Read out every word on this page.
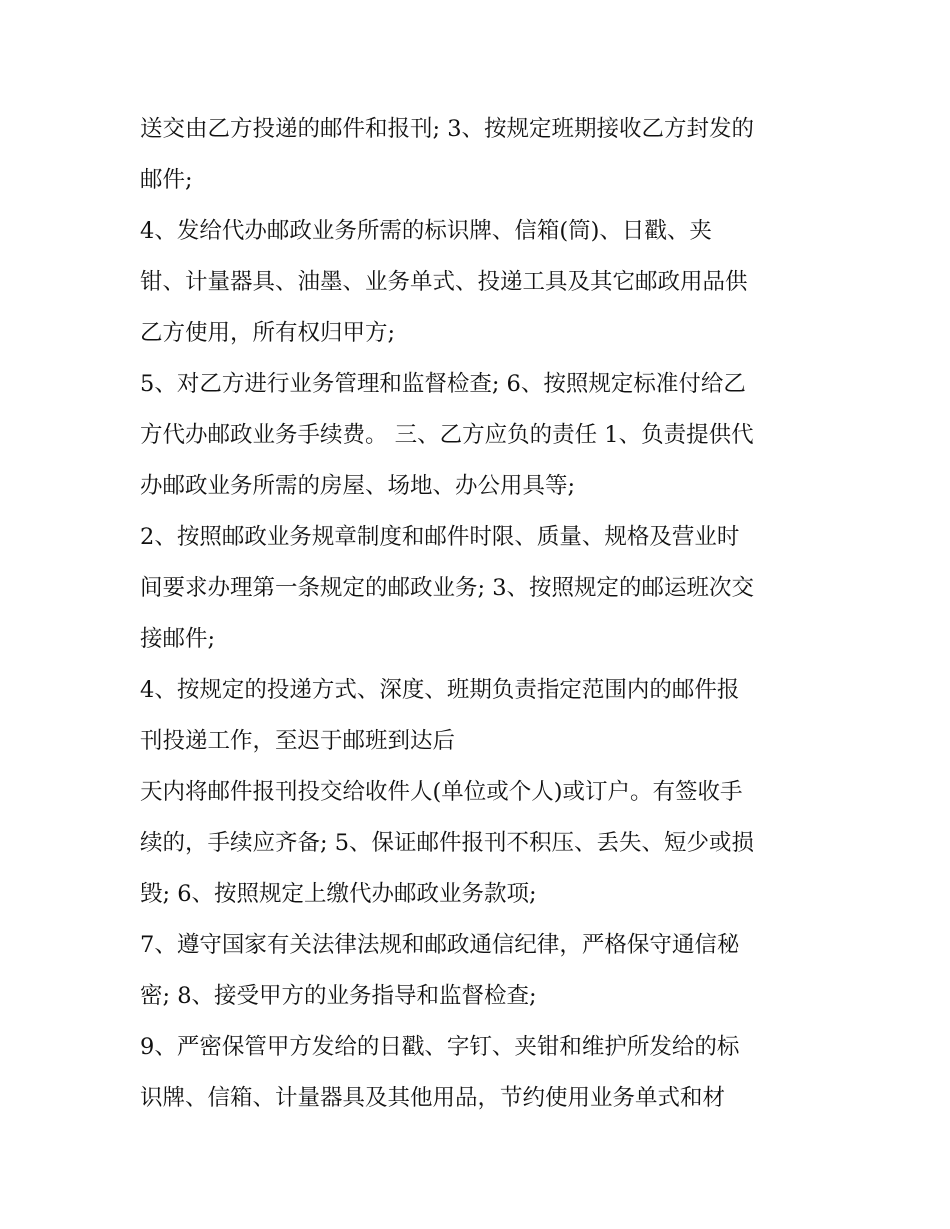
送交由乙方投递的邮件和报刊; 3、按规定班期接收乙方封发的
邮件;
4、发给代办邮政业务所需的标识牌、信箱(筒)、日戳、夹
钳、计量器具、油墨、业务单式、投递工具及其它邮政用品供
乙方使用，所有权归甲方;
5、对乙方进行业务管理和监督检查; 6、按照规定标准付给乙
方代办邮政业务手续费。 三、乙方应负的责任 1、负责提供代
办邮政业务所需的房屋、场地、办公用具等;
2、按照邮政业务规章制度和邮件时限、质量、规格及营业时
间要求办理第一条规定的邮政业务; 3、按照规定的邮运班次交
接邮件;
4、按规定的投递方式、深度、班期负责指定范围内的邮件报
刊投递工作，至迟于邮班到达后
天内将邮件报刊投交给收件人(单位或个人)或订户。有签收手
续的，手续应齐备; 5、保证邮件报刊不积压、丢失、短少或损
毁; 6、按照规定上缴代办邮政业务款项;
7、遵守国家有关法律法规和邮政通信纪律，严格保守通信秘
密; 8、接受甲方的业务指导和监督检查;
9、严密保管甲方发给的日戳、字钉、夹钳和维护所发给的标
识牌、信箱、计量器具及其他用品，节约使用业务单式和材
